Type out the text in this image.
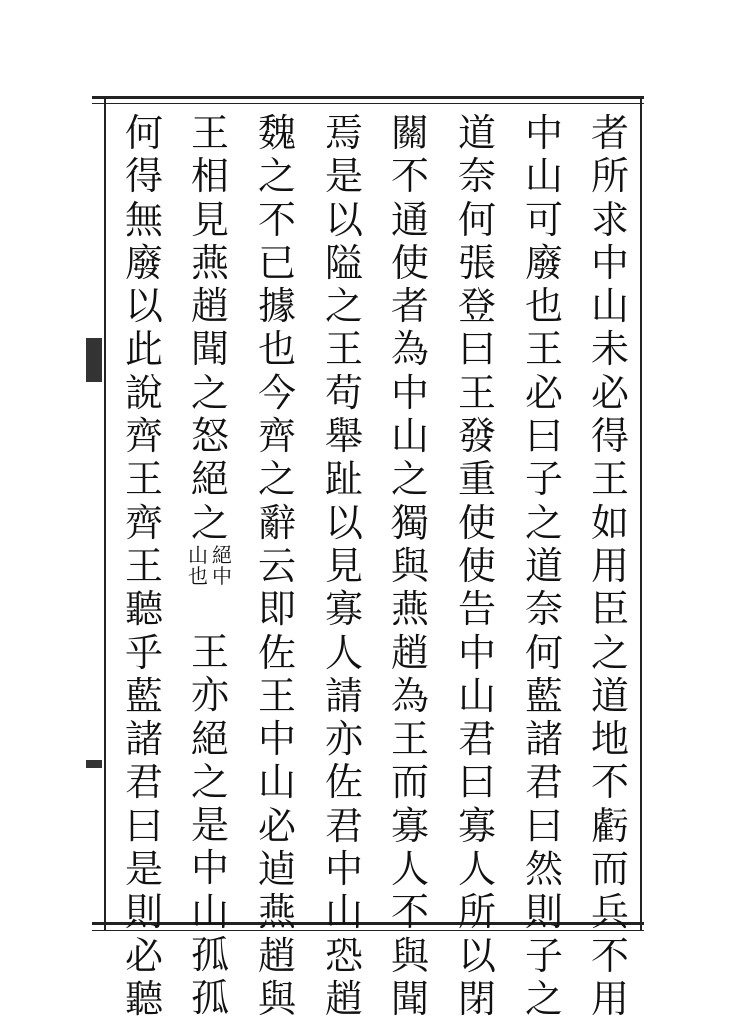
者
所
求
中
山
未
必
得
王
如
用
臣
之
道
地
不
虧
而
兵
不
用
中
山
可
廢
也
王
必
曰
子
之
道
奈
何
藍
諸
君
曰
然
則
子
之
道
奈
何
張
登
曰
王
發
重
使
使
告
中
山
君
曰
寡
人
所
以
閉
關
不
通
使
者
為
中
山
之
獨
與
燕
趙
為
王
而
寡
人
不
與
聞
焉
是
以
隘
之
王
苟
舉
趾
以
見
寡
人
請
亦
佐
君
中
山
恐
趙
魏
之
不
已
據
也
今
齊
之
辭
云
即
佐
王
中
山
必
逌
燕
趙
與
王
相
見
燕
趙
聞
之
怒
絕
之
絕
中
山
也
王
亦
絕
之
是
中
山
孤
孤
何
得
無
廢
以
此
說
齊
王
齊
王
聽
乎
藍
諸
君
曰
是
則
必
聽
